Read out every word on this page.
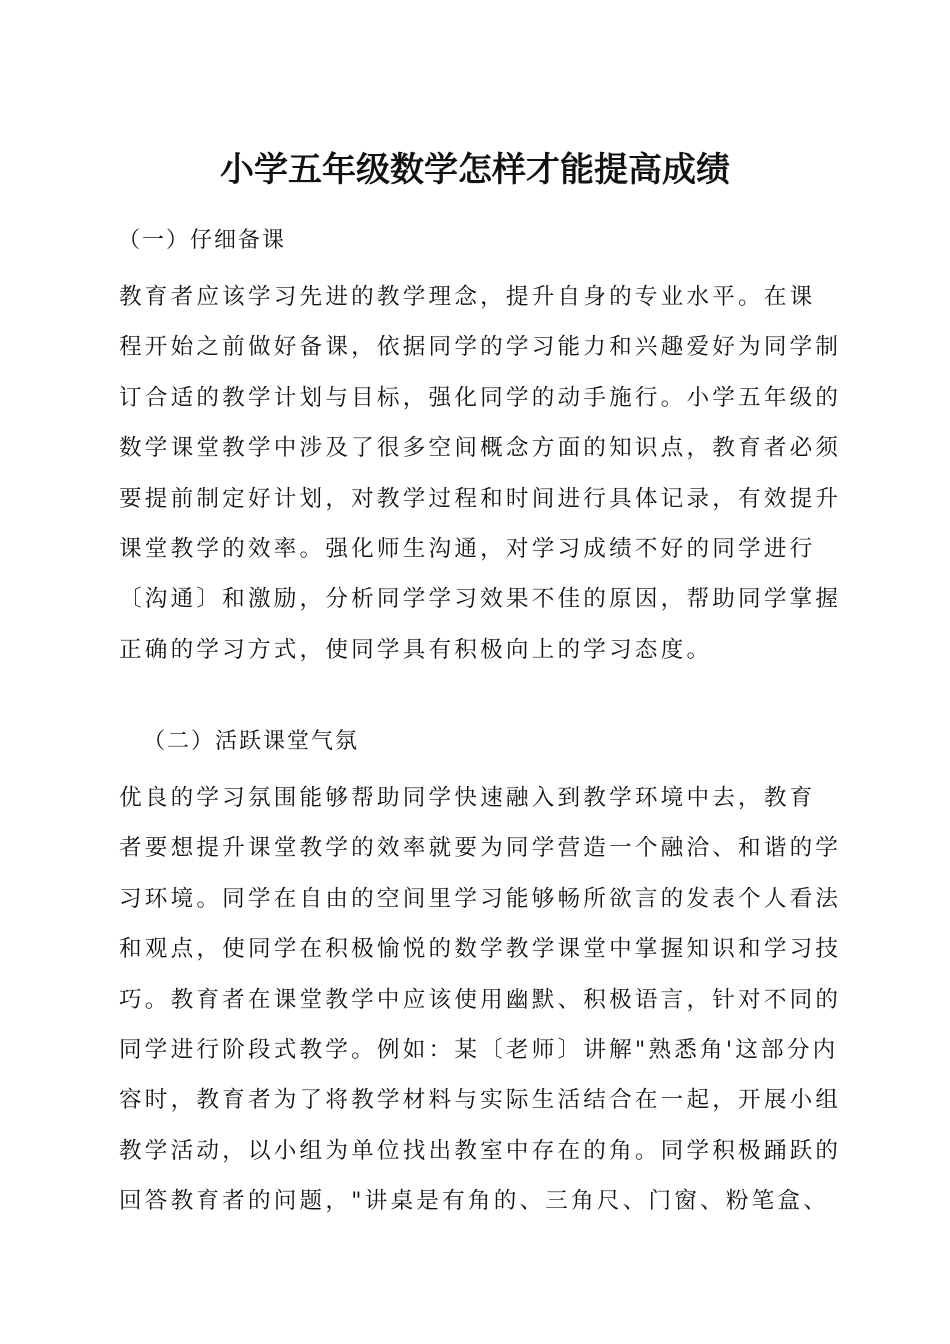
小学五年级数学怎样才能提高成绩
（一）仔细备课
教育者应该学习先进的教学理念，提升自身的专业水平。在课
程开始之前做好备课，依据同学的学习能力和兴趣爱好为同学制
订合适的教学计划与目标，强化同学的动手施行。小学五年级的
数学课堂教学中涉及了很多空间概念方面的知识点，教育者必须
要提前制定好计划，对教学过程和时间进行具体记录，有效提升
课堂教学的效率。强化师生沟通，对学习成绩不好的同学进行
〔沟通〕和激励，分析同学学习效果不佳的原因，帮助同学掌握
正确的学习方式，使同学具有积极向上的学习态度。
（二）活跃课堂气氛
优良的学习氛围能够帮助同学快速融入到教学环境中去，教育
者要想提升课堂教学的效率就要为同学营造一个融洽、和谐的学
习环境。同学在自由的空间里学习能够畅所欲言的发表个人看法
和观点，使同学在积极愉悦的数学教学课堂中掌握知识和学习技
巧。教育者在课堂教学中应该使用幽默、积极语言，针对不同的
同学进行阶段式教学。例如：某〔老师〕讲解"熟悉角'这部分内
容时，教育者为了将教学材料与实际生活结合在一起，开展小组
教学活动，以小组为单位找出教室中存在的角。同学积极踊跃的
回答教育者的问题，"讲桌是有角的、三角尺、门窗、粉笔盒、
